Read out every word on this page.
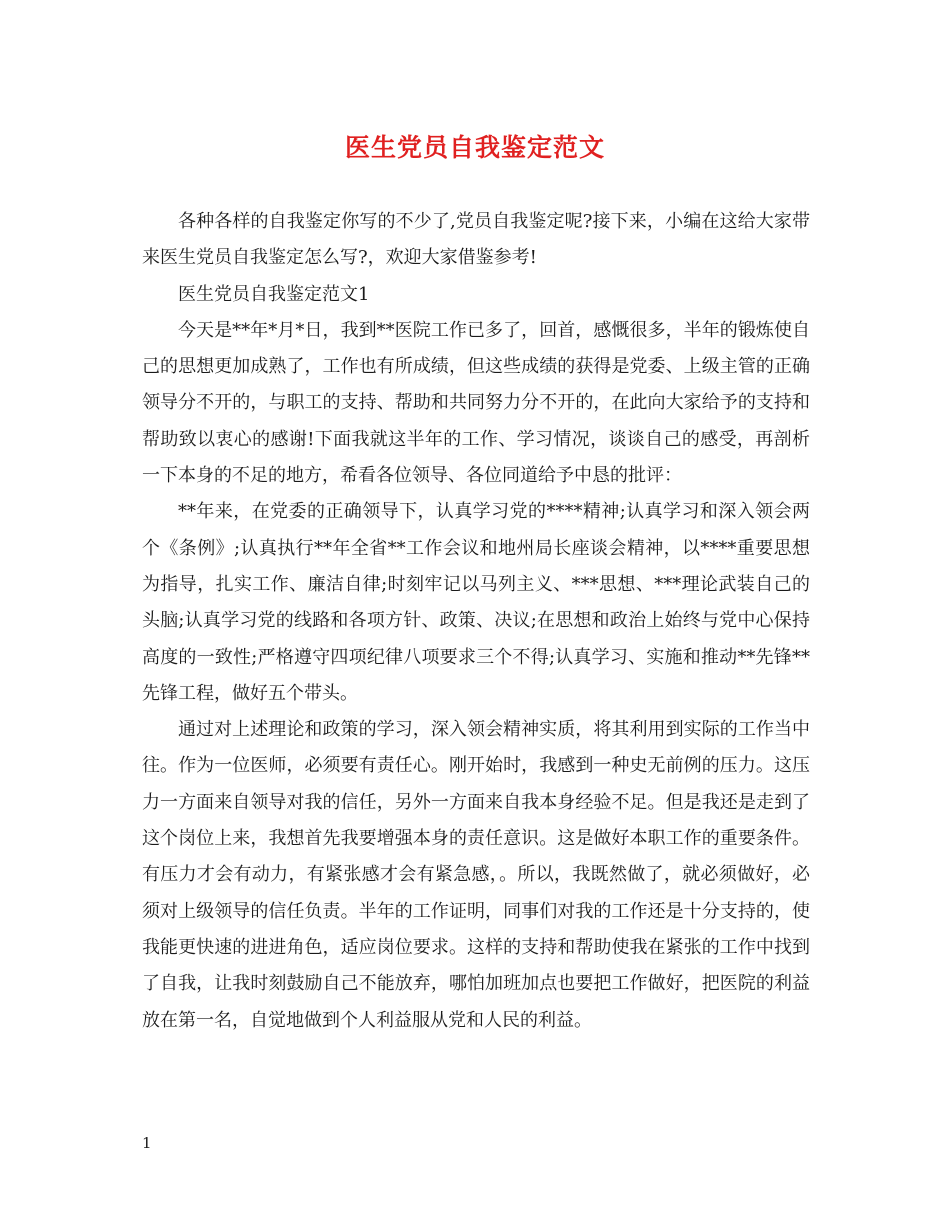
医生党员自我鉴定范文

各种各样的自我鉴定你写的不少了,党员自我鉴定呢?接下来，小编在这给大家带来医生党员自我鉴定怎么写?，欢迎大家借鉴参考!

医生党员自我鉴定范文1

今天是**年*月*日，我到**医院工作已多了，回首，感慨很多，半年的锻炼使自己的思想更加成熟了，工作也有所成绩，但这些成绩的获得是党委、上级主管的正确领导分不开的，与职工的支持、帮助和共同努力分不开的，在此向大家给予的支持和帮助致以衷心的感谢!下面我就这半年的工作、学习情况，谈谈自己的感受，再剖析一下本身的不足的地方，希看各位领导、各位同道给予中恳的批评：

**年来，在党委的正确领导下，认真学习党的****精神;认真学习和深入领会两个《条例》;认真执行**年全省**工作会议和地州局长座谈会精神，以****重要思想为指导，扎实工作、廉洁自律;时刻牢记以马列主义、***思想、***理论武装自己的头脑;认真学习党的线路和各项方针、政策、决议;在思想和政治上始终与党中心保持高度的一致性;严格遵守四项纪律八项要求三个不得;认真学习、实施和推动**先锋**先锋工程，做好五个带头。

通过对上述理论和政策的学习，深入领会精神实质，将其利用到实际的工作当中往。作为一位医师，必须要有责任心。刚开始时，我感到一种史无前例的压力。这压力一方面来自领导对我的信任，另外一方面来自我本身经验不足。但是我还是走到了这个岗位上来，我想首先我要增强本身的责任意识。这是做好本职工作的重要条件。有压力才会有动力，有紧张感才会有紧急感，。所以，我既然做了，就必须做好，必须对上级领导的信任负责。半年的工作证明，同事们对我的工作还是十分支持的，使我能更快速的进进角色，适应岗位要求。这样的支持和帮助使我在紧张的工作中找到了自我，让我时刻鼓励自己不能放弃，哪怕加班加点也要把工作做好，把医院的利益放在第一名，自觉地做到个人利益服从党和人民的利益。

1
